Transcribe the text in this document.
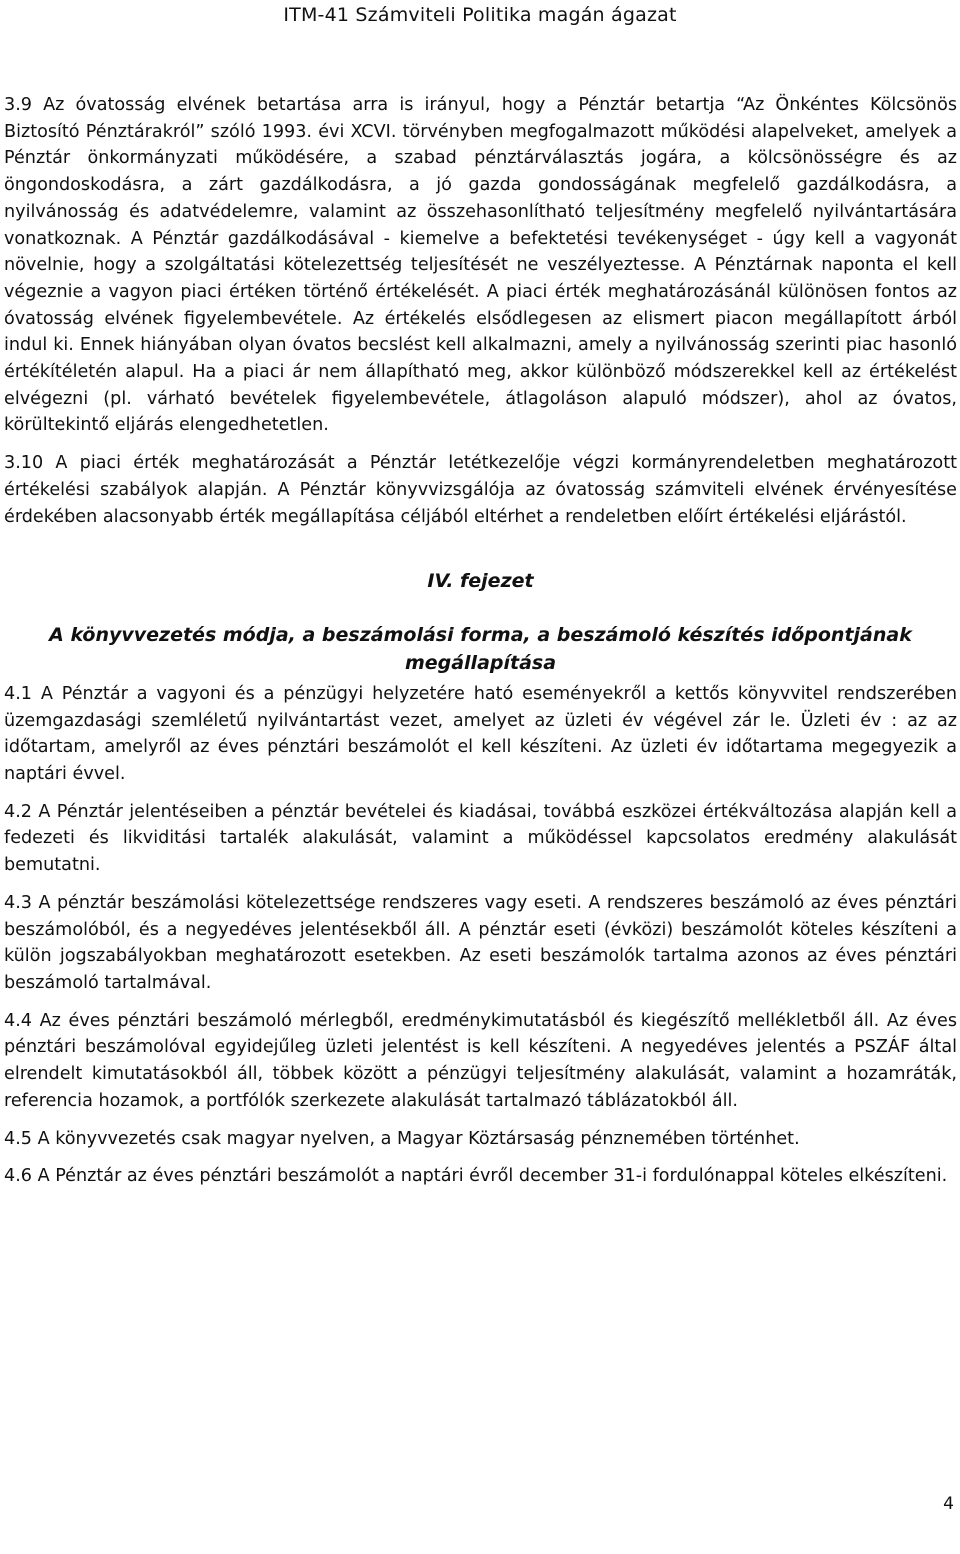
ITM-41 Számviteli Politika magán ágazat

3.9 Az óvatosság elvének betartása arra is irányul, hogy a Pénztár betartja “Az Önkéntes Kölcsönös Biztosító Pénztárakról” szóló 1993. évi XCVI. törvényben megfogalmazott működési alapelveket, amelyek a Pénztár önkormányzati működésére, a szabad pénztárválasztás jogára, a kölcsönösségre és az öngondoskodásra, a zárt gazdálkodásra, a jó gazda gondosságának megfelelő gazdálkodásra, a nyilvánosság és adatvédelemre, valamint az összehasonlítható teljesítmény megfelelő nyilvántartására vonatkoznak. A Pénztár gazdálkodásával - kiemelve a befektetési tevékenységet - úgy kell a vagyonát növelnie, hogy a szolgáltatási kötelezettség teljesítését ne veszélyeztesse. A Pénztárnak naponta el kell végeznie a vagyon piaci értéken történő értékelését. A piaci érték meghatározásánál különösen fontos az óvatosság elvének figyelembevétele. Az értékelés elsődlegesen az elismert piacon megállapított árból indul ki. Ennek hiányában olyan óvatos becslést kell alkalmazni, amely a nyilvánosság szerinti piac hasonló értékítéletén alapul. Ha a piaci ár nem állapítható meg, akkor különböző módszerekkel kell az értékelést elvégezni (pl. várható bevételek figyelembevétele, átlagoláson alapuló módszer), ahol az óvatos, körültekintő eljárás elengedhetetlen.

3.10 A piaci érték meghatározását a Pénztár letétkezelője végzi kormányrendeletben meghatározott értékelési szabályok alapján. A Pénztár könyvvizsgálója az óvatosság számviteli elvének érvényesítése érdekében alacsonyabb érték megállapítása céljából eltérhet a rendeletben előírt értékelési eljárástól.

IV. fejezet

A könyvvezetés módja, a beszámolási forma, a beszámoló készítés időpontjának megállapítása

4.1 A Pénztár a vagyoni és a pénzügyi helyzetére ható eseményekről a kettős könyvvitel rendszerében üzemgazdasági szemléletű nyilvántartást vezet, amelyet az üzleti év végével zár le. Üzleti év : az az időtartam, amelyről az éves pénztári beszámolót el kell készíteni. Az üzleti év időtartama megegyezik a naptári évvel.

4.2 A Pénztár jelentéseiben a pénztár bevételei és kiadásai, továbbá eszközei értékváltozása alapján kell a fedezeti és likviditási tartalék alakulását, valamint a működéssel kapcsolatos eredmény alakulását bemutatni.

4.3 A pénztár beszámolási kötelezettsége rendszeres vagy eseti. A rendszeres beszámoló az éves pénztári beszámolóból, és a negyedéves jelentésekből áll. A pénztár eseti (évközi) beszámolót köteles készíteni a külön jogszabályokban meghatározott esetekben. Az eseti beszámolók tartalma azonos az éves pénztári beszámoló tartalmával.

4.4 Az éves pénztári beszámoló mérlegből, eredménykimutatásból és kiegészítő mellékletből áll. Az éves pénztári beszámolóval egyidejűleg üzleti jelentést is kell készíteni. A negyedéves jelentés a PSZÁF által elrendelt kimutatásokból áll, többek között a pénzügyi teljesítmény alakulását, valamint a hozamráták, referencia hozamok, a portfólók szerkezete alakulását tartalmazó táblázatokból áll.

4.5 A könyvvezetés csak magyar nyelven, a Magyar Köztársaság pénznemében történhet.

4.6 A Pénztár az éves pénztári beszámolót a naptári évről december 31-i fordulónappal köteles elkészíteni.

4
